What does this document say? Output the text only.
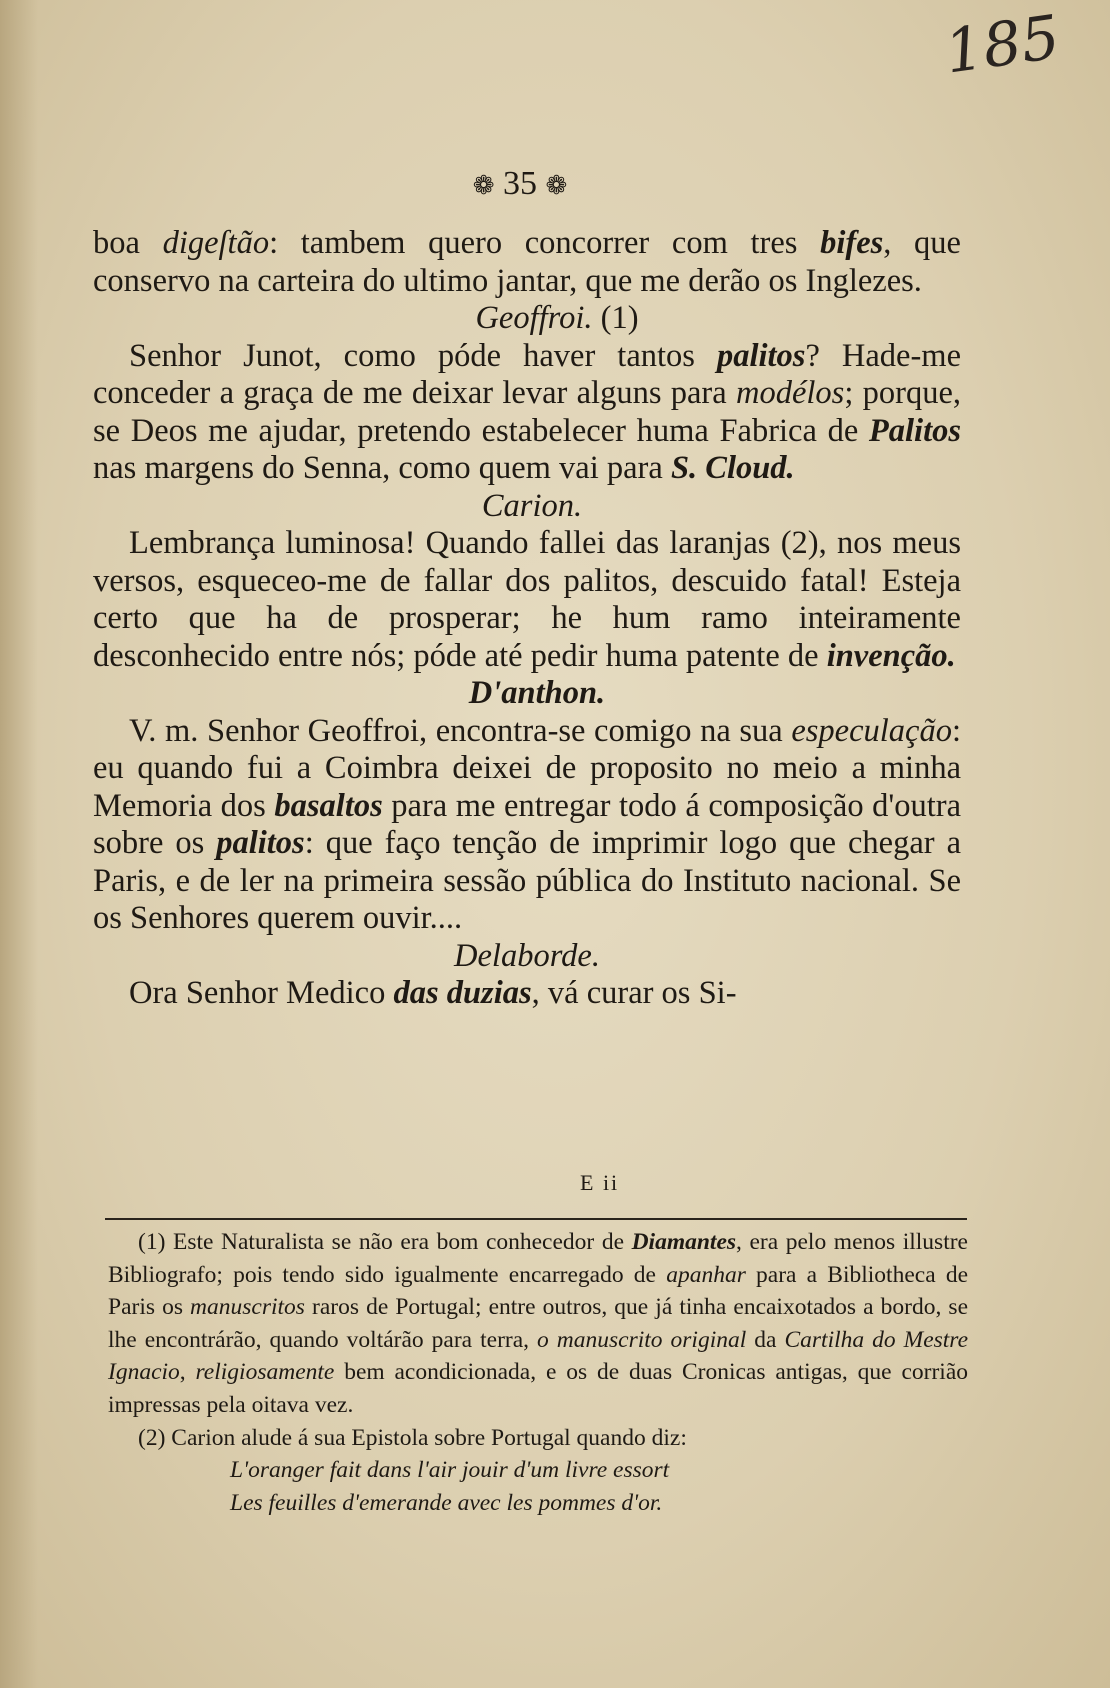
185
❁ 35 ❁

boa digeſtão: tambem quero concorrer com tres bifes, que conservo na carteira do ultimo jantar, que me derão os Inglezes.

Geoffroi. (1)

Senhor Junot, como póde haver tantos palitos? Hade-me conceder a graça de me deixar levar alguns para modélos; porque, se Deos me ajudar, pretendo estabelecer huma Fabrica de Palitos nas margens do Senna, como quem vai para S. Cloud.

Carion.

Lembrança luminosa! Quando fallei das laranjas (2), nos meus versos, esqueceo-me de fallar dos palitos, descuido fatal! Esteja certo que ha de prosperar; he hum ramo inteiramente desconhecido entre nós; póde até pedir huma patente de invenção.

D'anthon.

V. m. Senhor Geoffroi, encontra-se comigo na sua especulação: eu quando fui a Coimbra deixei de proposito no meio a minha Memoria dos basaltos para me entregar todo á composição d'outra sobre os palitos: que faço tenção de imprimir logo que chegar a Paris, e de ler na primeira sessão pública do Instituto nacional. Se os Senhores querem ouvir....

Delaborde.

Ora Senhor Medico das duzias, vá curar os Si-

E ii

(1) Este Naturalista se não era bom conhecedor de Diamantes, era pelo menos illustre Bibliografo; pois tendo sido igualmente encarregado de apanhar para a Bibliotheca de Paris os manuscritos raros de Portugal; entre outros, que já tinha encaixotados a bordo, se lhe encontrárão, quando voltárão para terra, o manuscrito original da Cartilha do Mestre Ignacio, religiosamente bem acondicionada, e os de duas Cronicas antigas, que corrião impressas pela oitava vez.

(2) Carion alude á sua Epistola sobre Portugal quando diz:

L'oranger fait dans l'air jouir d'um livre essort

Les feuilles d'emerande avec les pommes d'or.
